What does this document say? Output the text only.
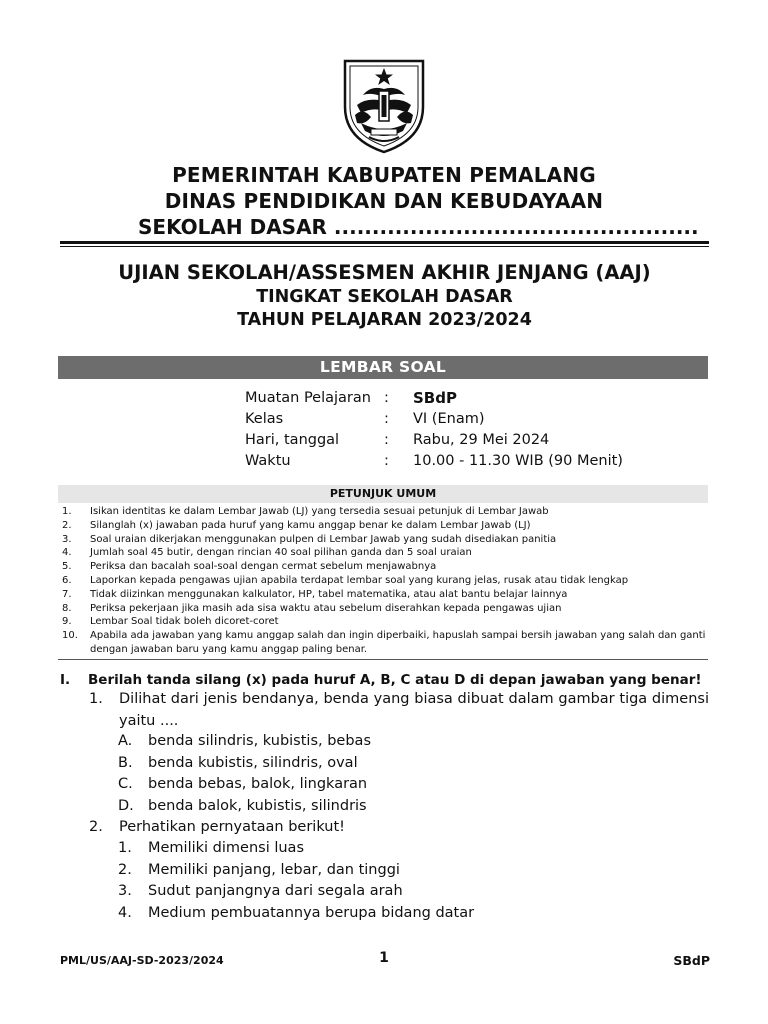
PEMERINTAH KABUPATEN PEMALANG
DINAS PENDIDIKAN DAN KEBUDAYAAN
SEKOLAH DASAR ................................................
UJIAN SEKOLAH/ASSESMEN AKHIR JENJANG (AAJ)
TINGKAT SEKOLAH DASAR
TAHUN PELAJARAN 2023/2024
LEMBAR SOAL
Muatan Pelajaran : SBdP
Kelas	: VI (Enam)
Hari, tanggal	: Rabu, 29 Mei 2024
Waktu	: 10.00 - 11.30 WIB (90 Menit)
PETUNJUK UMUM
1. Isikan identitas ke dalam Lembar Jawab (LJ) yang tersedia sesuai petunjuk di Lembar Jawab
2. Silanglah (x) jawaban pada huruf yang kamu anggap benar ke dalam Lembar Jawab (LJ)
3. Soal uraian dikerjakan menggunakan pulpen di Lembar Jawab yang sudah disediakan panitia
4. Jumlah soal 45 butir, dengan rincian 40 soal pilihan ganda dan 5 soal uraian
5. Periksa dan bacalah soal-soal dengan cermat sebelum menjawabnya
6. Laporkan kepada pengawas ujian apabila terdapat lembar soal yang kurang jelas, rusak atau tidak lengkap
7. Tidak diizinkan menggunakan kalkulator, HP, tabel matematika, atau alat bantu belajar lainnya
8. Periksa pekerjaan jika masih ada sisa waktu atau sebelum diserahkan kepada pengawas ujian
9. Lembar Soal tidak boleh dicoret-coret
10. Apabila ada jawaban yang kamu anggap salah dan ingin diperbaiki, hapuslah sampai bersih jawaban yang salah dan ganti dengan jawaban baru yang kamu anggap paling benar.
I. Berilah tanda silang (x) pada huruf A, B, C atau D di depan jawaban yang benar!
1. Dilihat dari jenis bendanya, benda yang biasa dibuat dalam gambar tiga dimensi yaitu ....
A. benda silindris, kubistis, bebas
B. benda kubistis, silindris, oval
C. benda bebas, balok, lingkaran
D. benda balok, kubistis, silindris
2. Perhatikan pernyataan berikut!
1. Memiliki dimensi luas
2. Memiliki panjang, lebar, dan tinggi
3. Sudut panjangnya dari segala arah
4. Medium pembuatannya berupa bidang datar
PML/US/AAJ-SD-2023/2024	1	SBdP
